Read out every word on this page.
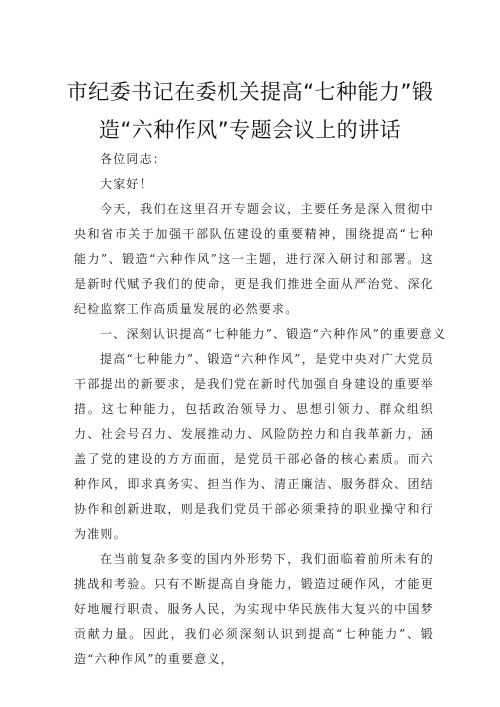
市纪委书记在委机关提高“七种能力”锻
造“六种作风”专题会议上的讲话
各位同志：
大家好！
今天，我们在这里召开专题会议，主要任务是深入贯彻中央和省市关于加强干部队伍建设的重要精神，围绕提高“七种能力”、锻造“六种作风”这一主题，进行深入研讨和部署。这是新时代赋予我们的使命，更是我们推进全面从严治党、深化纪检监察工作高质量发展的必然要求。
一、深刻认识提高“七种能力”、锻造“六种作风”的重要意义
提高“七种能力”、锻造“六种作风”，是党中央对广大党员干部提出的新要求，是我们党在新时代加强自身建设的重要举措。这七种能力，包括政治领导力、思想引领力、群众组织力、社会号召力、发展推动力、风险防控力和自我革新力，涵盖了党的建设的方方面面，是党员干部必备的核心素质。而六种作风，即求真务实、担当作为、清正廉洁、服务群众、团结协作和创新进取，则是我们党员干部必须秉持的职业操守和行为准则。
在当前复杂多变的国内外形势下，我们面临着前所未有的挑战和考验。只有不断提高自身能力，锻造过硬作风，才能更好地履行职责、服务人民，为实现中华民族伟大复兴的中国梦贡献力量。因此，我们必须深刻认识到提高“七种能力”、锻造“六种作风”的重要意义，
